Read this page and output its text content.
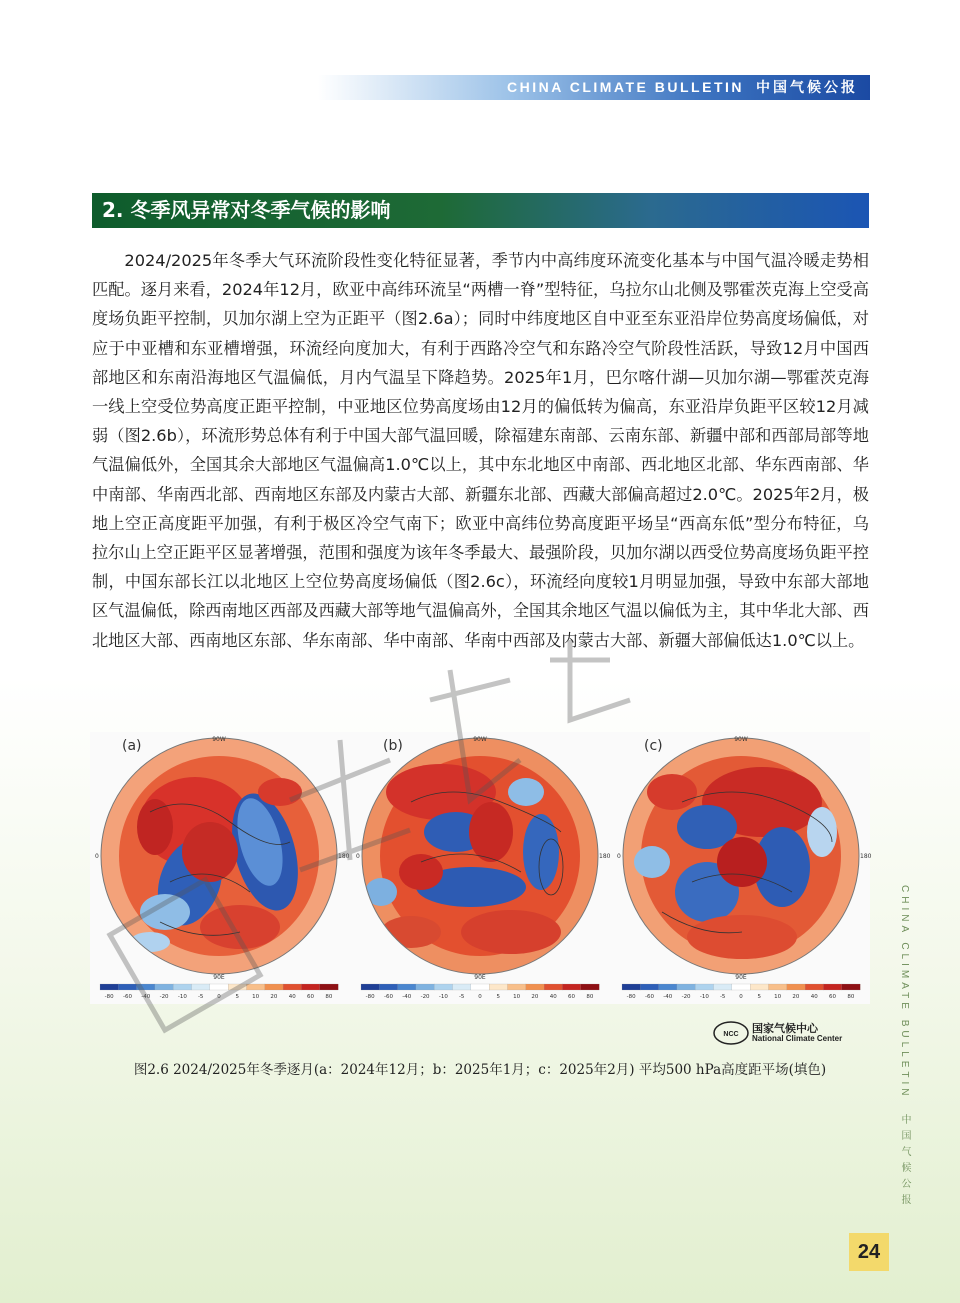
CHINA CLIMATE BULLETIN 中国气候公报
2. 冬季风异常对冬季气候的影响

2024/2025年冬季大气环流阶段性变化特征显著，季节内中高纬度环流变化基本与中国气温冷暖走势相匹配。逐月来看，2024年12月，欧亚中高纬环流呈“两槽一脊”型特征，乌拉尔山北侧及鄂霍茨克海上空受高度场负距平控制，贝加尔湖上空为正距平（图2.6a）；同时中纬度地区自中亚至东亚沿岸位势高度场偏低，对应于中亚槽和东亚槽增强，环流经向度加大，有利于西路冷空气和东路冷空气阶段性活跃，导致12月中国西部地区和东南沿海地区气温偏低，月内气温呈下降趋势。2025年1月，巴尔喀什湖—贝加尔湖—鄂霍茨克海一线上空受位势高度正距平控制，中亚地区位势高度场由12月的偏低转为偏高，东亚沿岸负距平区较12月减弱（图2.6b），环流形势总体有利于中国大部气温回暖，除福建东南部、云南东部、新疆中部和西部局部等地气温偏低外，全国其余大部地区气温偏高1.0℃以上，其中东北地区中南部、西北地区北部、华东西南部、华中南部、华南西北部、西南地区东部及内蒙古大部、新疆东北部、西藏大部偏高超过2.0℃。2025年2月，极地上空正高度距平加强，有利于极区冷空气南下；欧亚中高纬位势高度距平场呈“西高东低”型分布特征，乌拉尔山上空正距平区显著增强，范围和强度为该年冬季最大、最强阶段，贝加尔湖以西受位势高度场负距平控制，中国东部长江以北地区上空位势高度场偏低（图2.6c），环流经向度较1月明显加强，导致中东部大部地区气温偏低，除西南地区西部及西藏大部等地气温偏高外，全国其余地区气温以偏低为主，其中华北大部、西北地区大部、西南地区东部、华东南部、华中南部、华南中西部及内蒙古大部、新疆大部偏低达1.0℃以上。

90W
90E
0	180
-80 -60 -40 -20 -10 -5	0	5 10 20 40 60 80
(a)	90W
90E
0	180
-80 -60 -40 -20 -10 -5	0	5 10 20 40 60 80
(b)	90W
90E
0	180
-80 -60 -40 -20 -10 -5	0	5 10 20 40 60 80
(c)
NCC 国家气候中心
National Climate Center
图2.6 2024/2025年冬季逐月(a：2024年12月；b：2025年1月；c：2025年2月) 平均500 hPa高度距平场(填色)	CHINA CLIMATE BULLETIN中国气候公报
24
